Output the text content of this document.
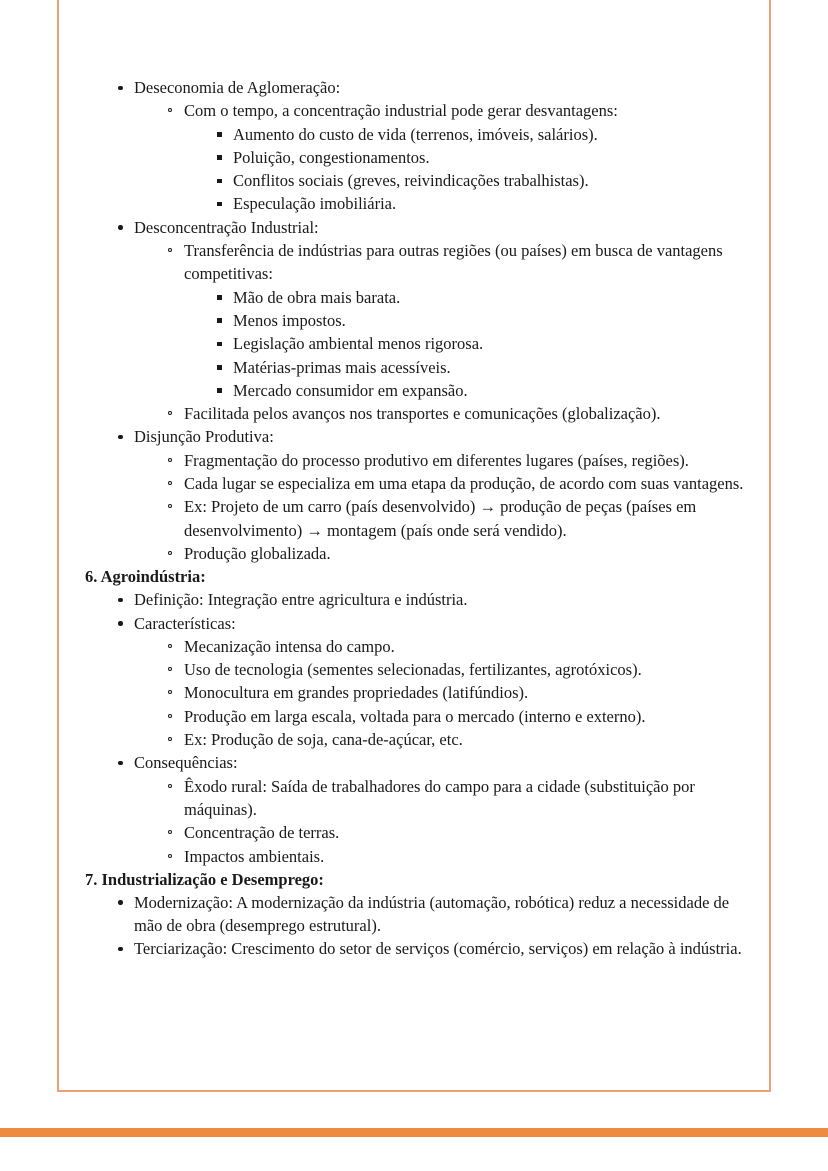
Deseconomia de Aglomeração:
Com o tempo, a concentração industrial pode gerar desvantagens:
Aumento do custo de vida (terrenos, imóveis, salários).
Poluição, congestionamentos.
Conflitos sociais (greves, reivindicações trabalhistas).
Especulação imobiliária.
Desconcentração Industrial:
Transferência de indústrias para outras regiões (ou países) em busca de vantagens competitivas:
Mão de obra mais barata.
Menos impostos.
Legislação ambiental menos rigorosa.
Matérias-primas mais acessíveis.
Mercado consumidor em expansão.
Facilitada pelos avanços nos transportes e comunicações (globalização).
Disjunção Produtiva:
Fragmentação do processo produtivo em diferentes lugares (países, regiões).
Cada lugar se especializa em uma etapa da produção, de acordo com suas vantagens.
Ex: Projeto de um carro (país desenvolvido) → produção de peças (países em desenvolvimento) → montagem (país onde será vendido).
Produção globalizada.
6. Agroindústria:
Definição: Integração entre agricultura e indústria.
Características:
Mecanização intensa do campo.
Uso de tecnologia (sementes selecionadas, fertilizantes, agrotóxicos).
Monocultura em grandes propriedades (latifúndios).
Produção em larga escala, voltada para o mercado (interno e externo).
Ex: Produção de soja, cana-de-açúcar, etc.
Consequências:
Êxodo rural: Saída de trabalhadores do campo para a cidade (substituição por máquinas).
Concentração de terras.
Impactos ambientais.
7. Industrialização e Desemprego:
Modernização: A modernização da indústria (automação, robótica) reduz a necessidade de mão de obra (desemprego estrutural).
Terciarização: Crescimento do setor de serviços (comércio, serviços) em relação à indústria.
